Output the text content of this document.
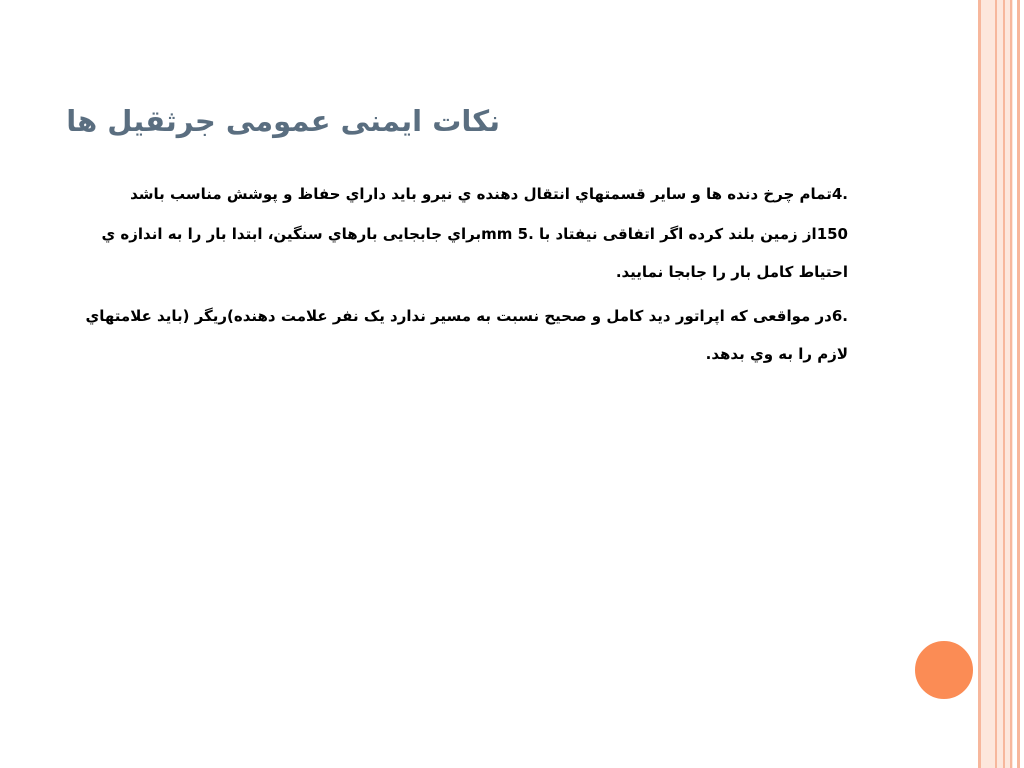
نکات ایمنی عمومی جرثقیل ها

.4تمام چرخ دنده ها و سایر قسمتهاي انتقال دهنده ي نيرو بايد داراي حفاظ و پوشش مناسب باشد

150از زمين بلند كرده اگر اتفاقى نيفتاد با .mm 5براي جابجايى بارهاي سنگين، ابتدا بار را به اندازه ي احتياط كامل بار را جابجا نماييد.

.6در مواقعی كه اپراتور ديد كامل و صحيح نسبت به مسير ندارد يک نفر علامت دهنده)ريگر (بايد علامتهاي لازم را به وي بدهد.
